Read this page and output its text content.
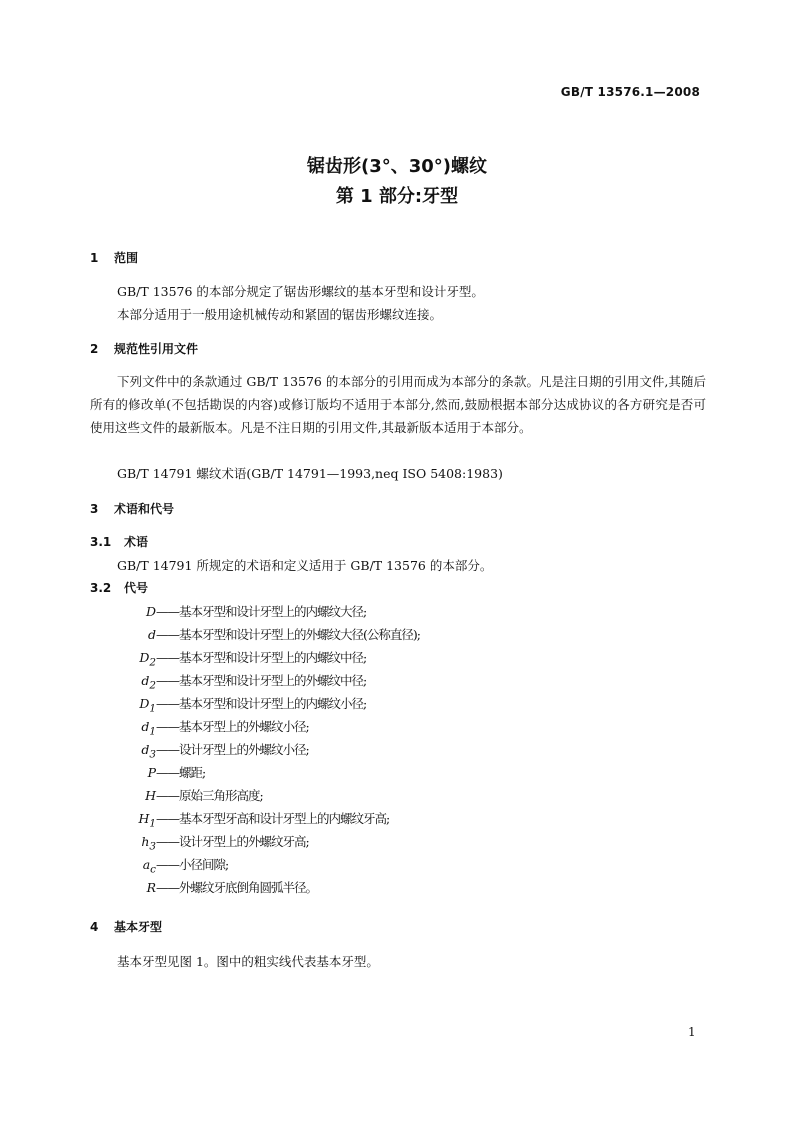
GB/T 13576.1—2008
锯齿形(3°、30°)螺纹
第 1 部分:牙型
1 范围
GB/T 13576 的本部分规定了锯齿形螺纹的基本牙型和设计牙型。
本部分适用于一般用途机械传动和紧固的锯齿形螺纹连接。
2 规范性引用文件

下列文件中的条款通过 GB/T 13576 的本部分的引用而成为本部分的条款。凡是注日期的引用文件,其随后所有的修改单(不包括勘误的内容)或修订版均不适用于本部分,然而,鼓励根据本部分达成协议的各方研究是否可使用这些文件的最新版本。凡是不注日期的引用文件,其最新版本适用于本部分。

GB/T 14791 螺纹术语(GB/T 14791—1993,neq ISO 5408:1983)
3 术语和代号
3.1 术语
GB/T 14791 所规定的术语和定义适用于 GB/T 13576 的本部分。
3.2 代号
D——基本牙型和设计牙型上的内螺纹大径;
d——基本牙型和设计牙型上的外螺纹大径(公称直径);
$D_2——$基本牙型和设计牙型上的内螺纹中径;
$d_2——$基本牙型和设计牙型上的外螺纹中径;
$D_1——$基本牙型和设计牙型上的内螺纹小径;
$d_1——$基本牙型上的外螺纹小径;
$d_3——$设计牙型上的外螺纹小径;
P——螺距;
H——原始三角形高度;
$H_1——$基本牙型牙高和设计牙型上的内螺纹牙高;
$h_3——$设计牙型上的外螺纹牙高;
$a_c——$小径间隙;
R——外螺纹牙底倒角圆弧半径。
4 基本牙型
基本牙型见图 1。图中的粗实线代表基本牙型。
1
